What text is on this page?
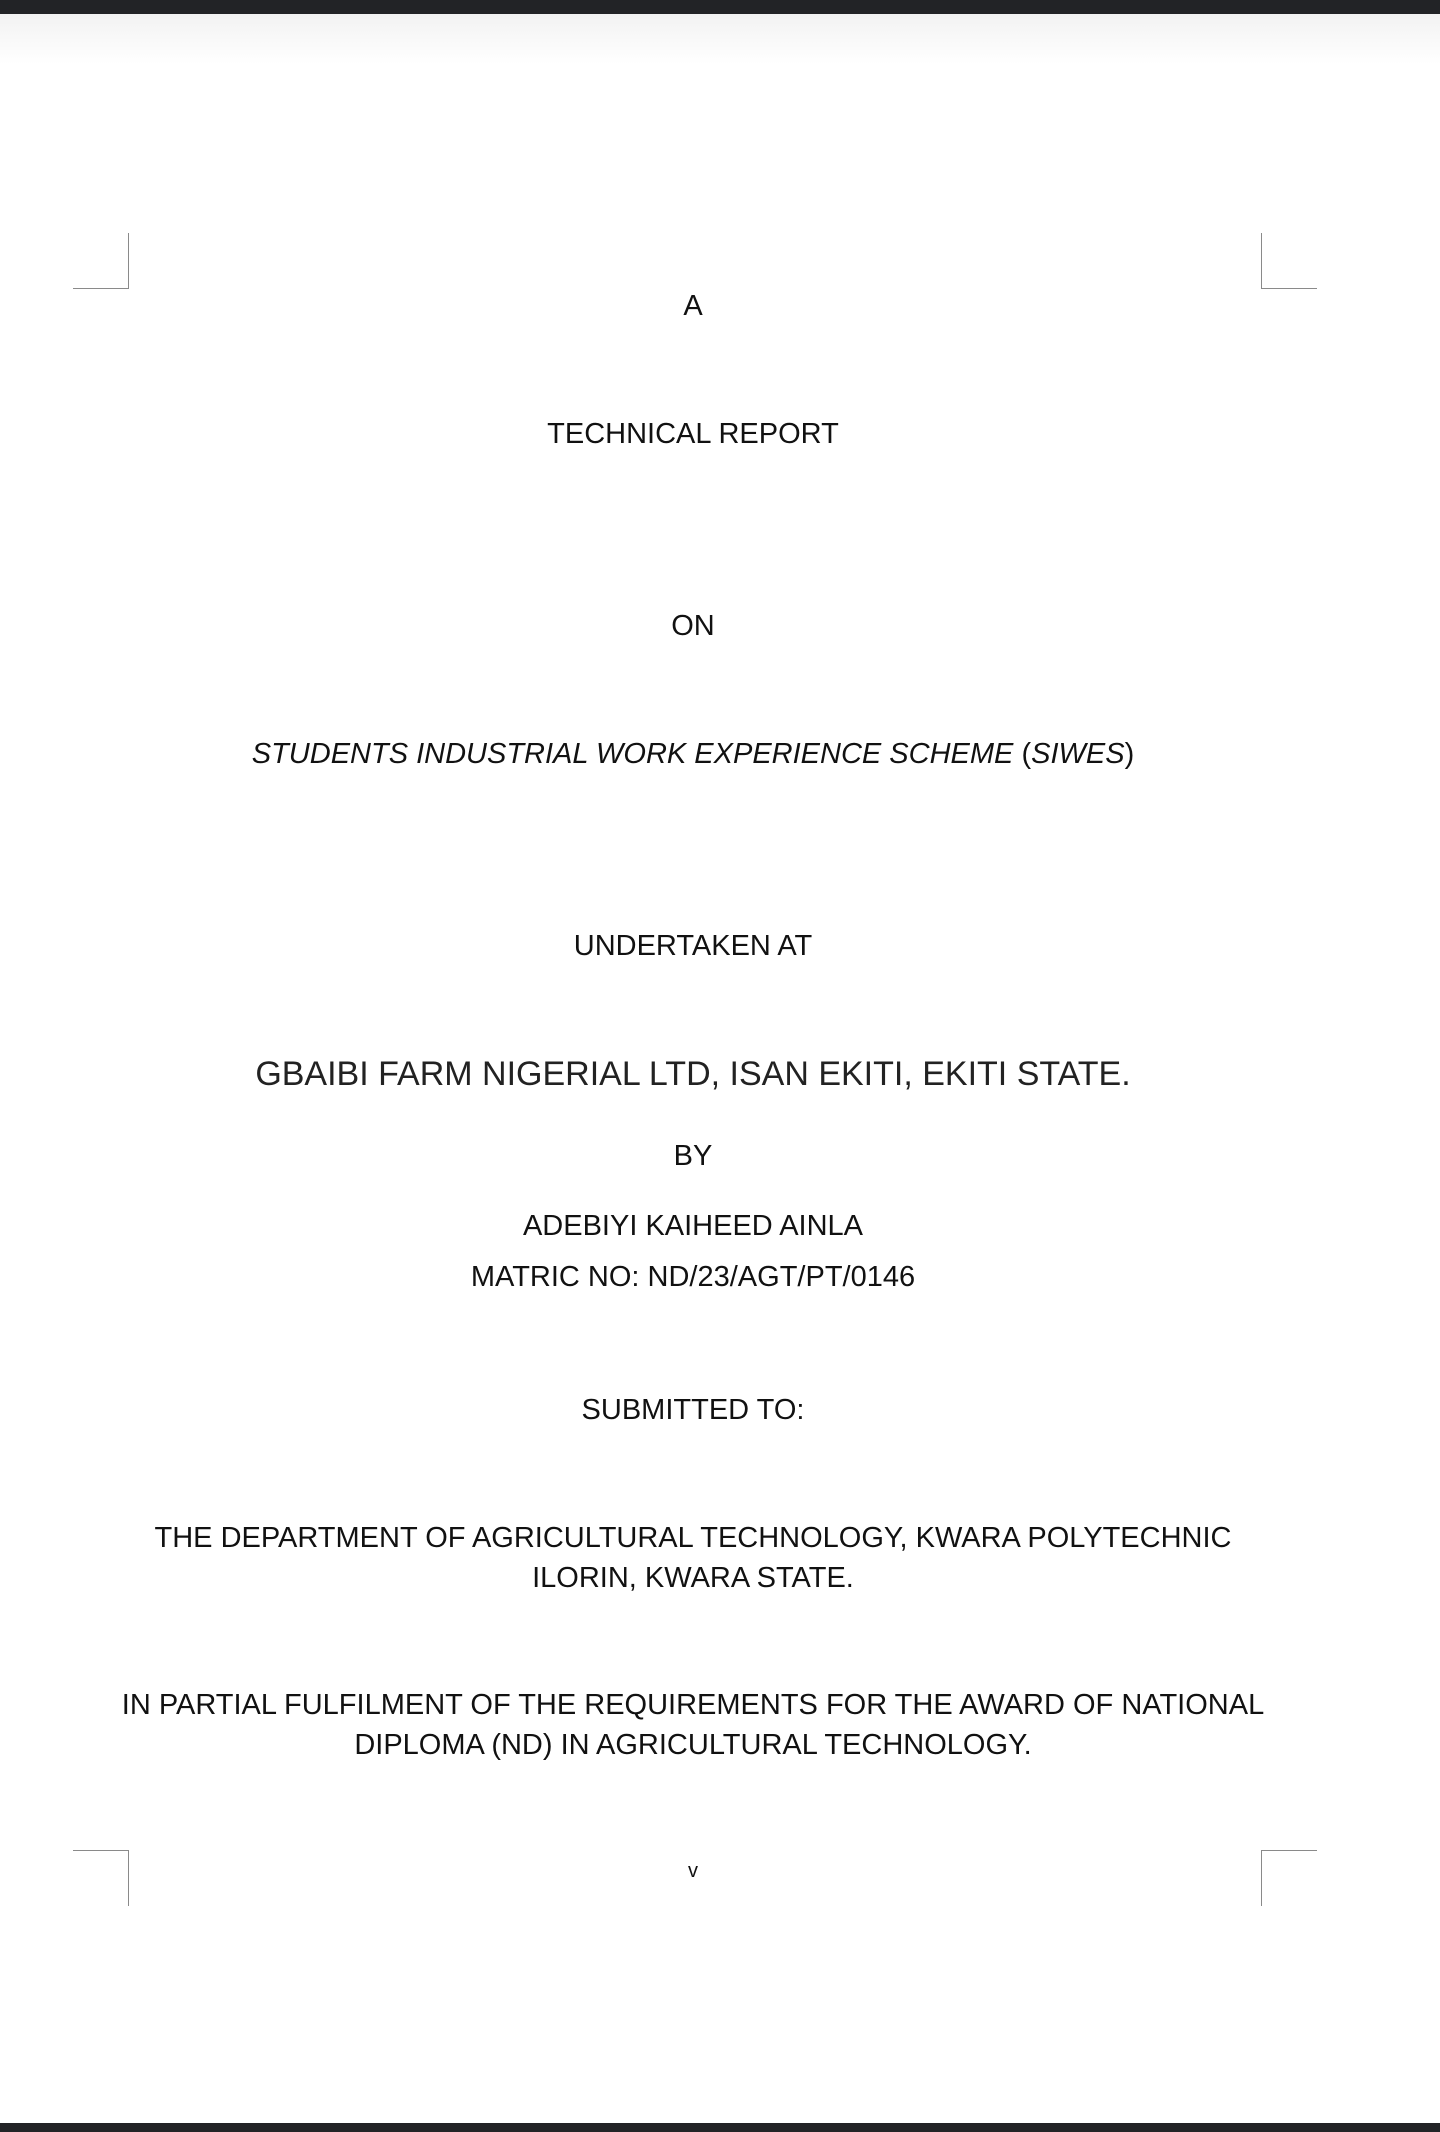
A
TECHNICAL REPORT
ON
STUDENTS INDUSTRIAL WORK EXPERIENCE SCHEME (SIWES)
UNDERTAKEN AT
GBAIBI FARM NIGERIAL LTD, ISAN EKITI, EKITI STATE.
BY
ADEBIYI KAIHEED AINLA
MATRIC NO: ND/23/AGT/PT/0146
SUBMITTED TO:
THE DEPARTMENT OF AGRICULTURAL TECHNOLOGY, KWARA POLYTECHNIC
ILORIN, KWARA STATE.
IN PARTIAL FULFILMENT OF THE REQUIREMENTS FOR THE AWARD OF NATIONAL
DIPLOMA (ND) IN AGRICULTURAL TECHNOLOGY.
v
